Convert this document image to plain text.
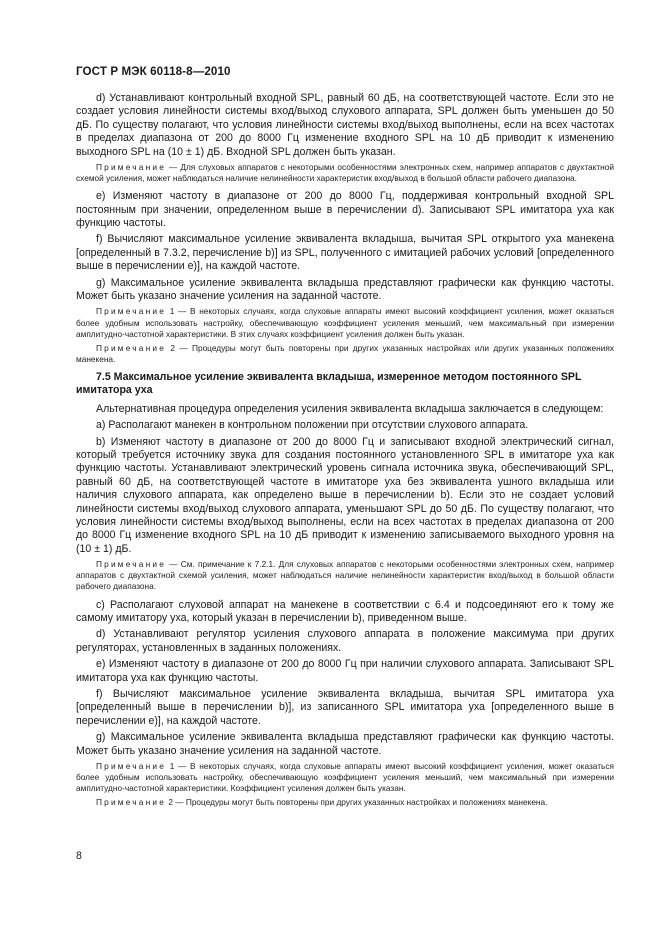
ГОСТ Р МЭК 60118-8—2010

d) Устанавливают контрольный входной SPL, равный 60 дБ, на соответствующей частоте. Если это не создает условия линейности системы вход/выход слухового аппарата, SPL должен быть уменьшен до 50 дБ. По существу полагают, что условия линейности системы вход/выход выполнены, если на всех частотах в пределах диапазона от 200 до 8000 Гц изменение входного SPL на 10 дБ приводит к изменению выходного SPL на (10 ± 1) дБ. Входной SPL должен быть указан.

Примечание — Для слуховых аппаратов с некоторыми особенностями электронных схем, например аппаратов с двухтактной схемой усиления, может наблюдаться наличие нелинейности характеристик вход/выход в большой области рабочего диапазона.

e) Изменяют частоту в диапазоне от 200 до 8000 Гц, поддерживая контрольный входной SPL постоянным при значении, определенном выше в перечислении d). Записывают SPL имитатора уха как функцию частоты.

f) Вычисляют максимальное усиление эквивалента вкладыша, вычитая SPL открытого уха манекена [определенный в 7.3.2, перечисление b)] из SPL, полученного с имитацией рабочих условий [определенного выше в перечислении e)], на каждой частоте.

g) Максимальное усиление эквивалента вкладыша представляют графически как функцию частоты. Может быть указано значение усиления на заданной частоте.

Примечание 1 — В некоторых случаях, когда слуховые аппараты имеют высокий коэффициент усиления, может оказаться более удобным использовать настройку, обеспечивающую коэффициент усиления меньший, чем максимальный при измерении амплитудно-частотной характеристики. В этих случаях коэффициент усиления должен быть указан.

Примечание 2 — Процедуры могут быть повторены при других указанных настройках или других указанных положениях манекена.

7.5 Максимальное усиление эквивалента вкладыша, измеренное методом постоянного SPL имитатора уха

Альтернативная процедура определения усиления эквивалента вкладыша заключается в следующем:

a) Располагают манекен в контрольном положении при отсутствии слухового аппарата.

b) Изменяют частоту в диапазоне от 200 до 8000 Гц и записывают входной электрический сигнал, который требуется источнику звука для создания постоянного установленного SPL в имитаторе уха как функцию частоты. Устанавливают электрический уровень сигнала источника звука, обеспечивающий SPL, равный 60 дБ, на соответствующей частоте в имитаторе уха без эквивалента ушного вкладыша или наличия слухового аппарата, как определено выше в перечислении b). Если это не создает условий линейности системы вход/выход слухового аппарата, уменьшают SPL до 50 дБ. По существу полагают, что условия линейности системы вход/выход выполнены, если на всех частотах в пределах диапазона от 200 до 8000 Гц изменение входного SPL на 10 дБ приводит к изменению записываемого выходного уровня на (10 ± 1) дБ.

Примечание — См. примечание к 7.2.1. Для слуховых аппаратов с некоторыми особенностями электронных схем, например аппаратов с двухтактной схемой усиления, может наблюдаться наличие нелинейности характеристик вход/выход в большой области рабочего диапазона.

c) Располагают слуховой аппарат на манекене в соответствии с 6.4 и подсоединяют его к тому же самому имитатору уха, который указан в перечислении b), приведенном выше.

d) Устанавливают регулятор усиления слухового аппарата в положение максимума при других регуляторах, установленных в заданных положениях.

e) Изменяют частоту в диапазоне от 200 до 8000 Гц при наличии слухового аппарата. Записывают SPL имитатора уха как функцию частоты.

f) Вычисляют максимальное усиление эквивалента вкладыша, вычитая SPL имитатора уха [определенный выше в перечислении b)], из записанного SPL имитатора уха [определенного выше в перечислении e)], на каждой частоте.

g) Максимальное усиление эквивалента вкладыша представляют графически как функцию частоты. Может быть указано значение усиления на заданной частоте.

Примечание 1 — В некоторых случаях, когда слуховые аппараты имеют высокий коэффициент усиления, может оказаться более удобным использовать настройку, обеспечивающую коэффициент усиления меньший, чем максимальный при измерении амплитудно-частотной характеристики. Коэффициент усиления должен быть указан.

Примечание 2 — Процедуры могут быть повторены при других указанных настройках и положениях манекена.

8
